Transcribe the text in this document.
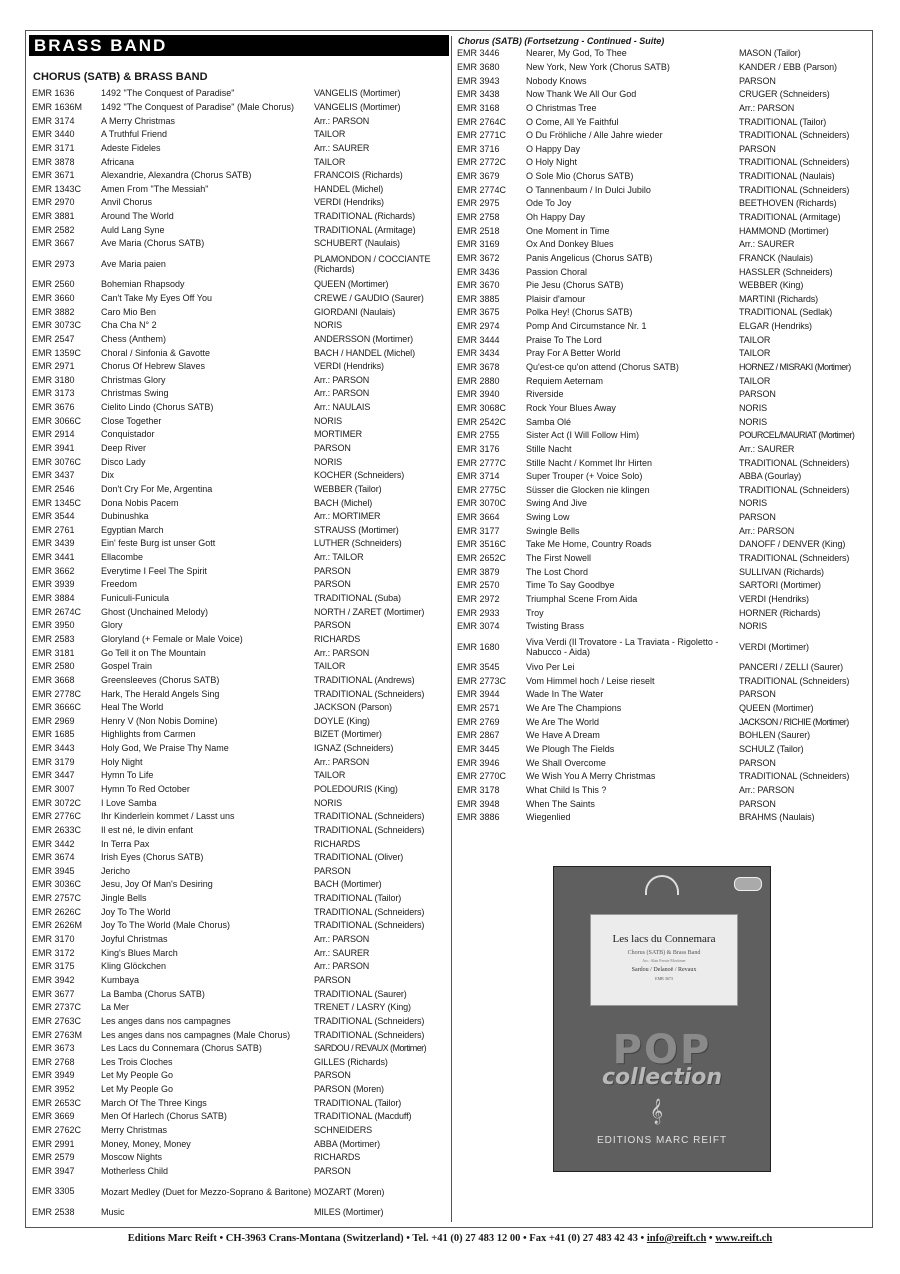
BRASS BAND
CHORUS (SATB) & BRASS BAND
Chorus (SATB) (Fortsetzung - Continued - Suite)
EMR 1636	1492 "The Conquest of Paradise"	VANGELIS (Mortimer)
EMR 1636M	1492 "The Conquest of Paradise" (Male Chorus)	VANGELIS (Mortimer)
EMR 3174	A Merry Christmas	Arr.: PARSON
EMR 3440	A Truthful Friend	TAILOR
EMR 3171	Adeste Fideles	Arr.: SAURER
EMR 3878	Africana	TAILOR
EMR 3671	Alexandrie, Alexandra (Chorus SATB)	FRANCOIS (Richards)
EMR 1343C	Amen From "The Messiah"	HÄNDEL (Michel)
EMR 2970	Anvil Chorus	VERDI (Hendriks)
EMR 3881	Around The World	TRADITIONAL (Richards)
EMR 2582	Auld Lang Syne	TRADITIONAL (Armitage)
EMR 3667	Ave Maria (Chorus SATB)	SCHUBERT (Naulais)
EMR 2973	Ave Maria paien	PLAMONDON / COCCIANTE (Richards)
EMR 2560	Bohemian Rhapsody	QUEEN (Mortimer)
EMR 3660	Can't Take My Eyes Off You	CREWE / GAUDIO (Saurer)
EMR 3882	Caro Mio Ben	GIORDANI (Naulais)
EMR 3073C	Cha Cha N° 2	NORIS
EMR 2547	Chess (Anthem)	ANDERSSON (Mortimer)
EMR 1359C	Choral / Sinfonia & Gavotte	BACH / HÄNDEL (Michel)
EMR 2971	Chorus Of Hebrew Slaves	VERDI (Hendriks)
EMR 3180	Christmas Glory	Arr.: PARSON
EMR 3173	Christmas Swing	Arr.: PARSON
EMR 3676	Cielito Lindo (Chorus SATB)	Arr.: NAULAIS
EMR 3066C	Close Together	NORIS
EMR 2914	Conquistador	MORTIMER
EMR 3941	Deep River	PARSON
EMR 3076C	Disco Lady	NORIS
EMR 3437	Dix	KOCHER (Schneiders)
EMR 2546	Don't Cry For Me, Argentina	WEBBER (Tailor)
EMR 1345C	Dona Nobis Pacem	BACH (Michel)
EMR 3544	Dubinushka	Arr.: MORTIMER
EMR 2761	Egyptian March	STRAUSS (Mortimer)
EMR 3439	Ein' feste Burg ist unser Gott	LUTHER (Schneiders)
EMR 3441	Ellacombe	Arr.: TAILOR
EMR 3662	Everytime I Feel The Spirit	PARSON
EMR 3939	Freedom	PARSON
EMR 3884	Funiculi-Funicula	TRADITIONAL (Suba)
EMR 2674C	Ghost (Unchained Melody)	NORTH / ZARET (Mortimer)
EMR 3950	Glory	PARSON
EMR 2583	Gloryland (+ Female or Male Voice)	RICHARDS
EMR 3181	Go Tell it on The Mountain	Arr.: PARSON
EMR 2580	Gospel Train	TAILOR
EMR 3668	Greensleeves (Chorus SATB)	TRADITIONAL (Andrews)
EMR 2778C	Hark, The Herald Angels Sing	TRADITIONAL (Schneiders)
EMR 3666C	Heal The World	JACKSON (Parson)
EMR 2969	Henry V (Non Nobis Domine)	DOYLE (King)
EMR 1685	Highlights from Carmen	BIZET (Mortimer)
EMR 3443	Holy God, We Praise Thy Name	IGNAZ (Schneiders)
EMR 3179	Holy Night	Arr.: PARSON
EMR 3447	Hymn To Life	TAILOR
EMR 3007	Hymn To Red October	POLEDOURIS (King)
EMR 3072C	I Love Samba	NORIS
EMR 2776C	Ihr Kinderlein kommet / Lasst uns	TRADITIONAL (Schneiders)
EMR 2633C	Il est né, le divin enfant	TRADITIONAL (Schneiders)
EMR 3442	In Terra Pax	RICHARDS
EMR 3674	Irish Eyes (Chorus SATB)	TRADITIONAL (Oliver)
EMR 3945	Jericho	PARSON
EMR 3036C	Jesu, Joy Of Man's Desiring	BACH (Mortimer)
EMR 2757C	Jingle Bells	TRADITIONAL (Tailor)
EMR 2626C	Joy To The World	TRADITIONAL (Schneiders)
EMR 2626M	Joy To The World (Male Chorus)	TRADITIONAL (Schneiders)
EMR 3170	Joyful Christmas	Arr.: PARSON
EMR 3172	King's Blues March	Arr.: SAURER
EMR 3175	Kling Glöckchen	Arr.: PARSON
EMR 3942	Kumbaya	PARSON
EMR 3677	La Bamba (Chorus SATB)	TRADITIONAL (Saurer)
EMR 2737C	La Mer	TRENET / LASRY (King)
EMR 2763C	Les anges dans nos campagnes	TRADITIONAL (Schneiders)
EMR 2763M	Les anges dans nos campagnes (Male Chorus)	TRADITIONAL (Schneiders)
EMR 3673	Les Lacs du Connemara (Chorus SATB)	SARDOU / REVAUX (Mortimer)
EMR 2768	Les Trois Cloches	GILLES (Richards)
EMR 3949	Let My People Go	PARSON
EMR 3952	Let My People Go	PARSON (Moren)
EMR 2653C	March Of The Three Kings	TRADITIONAL (Tailor)
EMR 3669	Men Of Harlech (Chorus SATB)	TRADITIONAL (Macduff)
EMR 2762C	Merry Christmas	SCHNEIDERS
EMR 2991	Money, Money, Money	ABBA (Mortimer)
EMR 2579	Moscow Nights	RICHARDS
EMR 3947	Motherless Child	PARSON
EMR 3305	Mozart Medley (Duet for Mezzo-Soprano & Baritone) MOZART (Moren)
EMR 2538	Music	MILES (Mortimer)
EMR 3446	Nearer, My God, To Thee	MASON (Tailor)
EMR 3680	New York, New York (Chorus SATB)	KANDER / EBB (Parson)
EMR 3943	Nobody Knows	PARSON
EMR 3438	Now Thank We All Our God	CRÜGER (Schneiders)
EMR 3168	O Christmas Tree	Arr.: PARSON
EMR 2764C	O Come, All Ye Faithful	TRADITIONAL (Tailor)
EMR 2771C	O Du Fröhliche / Alle Jahre wieder	TRADITIONAL (Schneiders)
EMR 3716	O Happy Day	PARSON
EMR 2772C	O Holy Night	TRADITIONAL (Schneiders)
EMR 3679	O Sole Mio (Chorus SATB)	TRADITIONAL (Naulais)
EMR 2774C	O Tannenbaum / In Dulci Jubilo	TRADITIONAL (Schneiders)
EMR 2975	Ode To Joy	BEETHOVEN (Richards)
EMR 2758	Oh Happy Day	TRADITIONAL (Armitage)
EMR 2518	One Moment in Time	HAMMOND (Mortimer)
EMR 3169	Ox And Donkey Blues	Arr.: SAURER
EMR 3672	Panis Angelicus (Chorus SATB)	FRANCK (Naulais)
EMR 3436	Passion Choral	HASSLER (Schneiders)
EMR 3670	Pie Jesu (Chorus SATB)	WEBBER (King)
EMR 3885	Plaisir d'amour	MARTINI (Richards)
EMR 3675	Polka Hey! (Chorus SATB)	TRADITIONAL (Sedlak)
EMR 2974	Pomp And Circumstance Nr. 1	ELGAR (Hendriks)
EMR 3444	Praise To The Lord	TAILOR
EMR 3434	Pray For A Better World	TAILOR
EMR 3678	Qu'est-ce qu'on attend (Chorus SATB)	HORNEZ / MISRAKI (Mortimer)
EMR 2880	Requiem Aeternam	TAILOR
EMR 3940	Riverside	PARSON
EMR 3068C	Rock Your Blues Away	NORIS
EMR 2542C	Samba Olé	NORIS
EMR 2755	Sister Act (I Will Follow Him)	POURCEL/MAURIAT (Mortimer)
EMR 3176	Stille Nacht	Arr.: SAURER
EMR 2777C	Stille Nacht / Kommet Ihr Hirten	TRADITIONAL (Schneiders)
EMR 3714	Super Trouper (+ Voice Solo)	ABBA (Gourlay)
EMR 2775C	Süsser die Glocken nie klingen	TRADITIONAL (Schneiders)
EMR 3070C	Swing And Jive	NORIS
EMR 3664	Swing Low	PARSON
EMR 3177	Swingle Bells	Arr.: PARSON
EMR 3516C	Take Me Home, Country Roads	DANOFF / DENVER (King)
EMR 2652C	The First Nowell	TRADITIONAL (Schneiders)
EMR 3879	The Lost Chord	SULLIVAN (Richards)
EMR 2570	Time To Say Goodbye	SARTORI (Mortimer)
EMR 2972	Triumphal Scene From Aida	VERDI (Hendriks)
EMR 2933	Troy	HORNER (Richards)
EMR 3074	Twisting Brass	NORIS
EMR 1680	Viva Verdi (Il Trovatore - La Traviata - Rigoletto - Nabucco - Aida)	VERDI (Mortimer)
EMR 3545	Vivo Per Lei	PANCERI / ZELLI (Saurer)
EMR 2773C	Vom Himmel hoch / Leise rieselt	TRADITIONAL (Schneiders)
EMR 3944	Wade In The Water	PARSON
EMR 2571	We Are The Champions	QUEEN (Mortimer)
EMR 2769	We Are The World	JACKSON / RICHIE (Mortimer)
EMR 2867	We Have A Dream	BOHLEN (Saurer)
EMR 3445	We Plough The Fields	SCHULZ (Tailor)
EMR 3946	We Shall Overcome	PARSON
EMR 2770C	We Wish You A Merry Christmas	TRADITIONAL (Schneiders)
EMR 3178	What Child Is This ?	Arr.: PARSON
EMR 3948	When The Saints	PARSON
EMR 3886	Wiegenlied	BRAHMS (Naulais)
Les lacs du Connemara
Chorus (SATB) & Brass Band
Arr.: Alan Fernie Mortimer
Sardou / Delanoë / Revaux
EMR 3673
POP
collection
𝄞
EDITIONS MARC REIFT
Editions Marc Reift • CH-3963 Crans-Montana (Switzerland) • Tel. +41 (0) 27 483 12 00 • Fax +41 (0) 27 483 42 43 • info@reift.ch • www.reift.ch
